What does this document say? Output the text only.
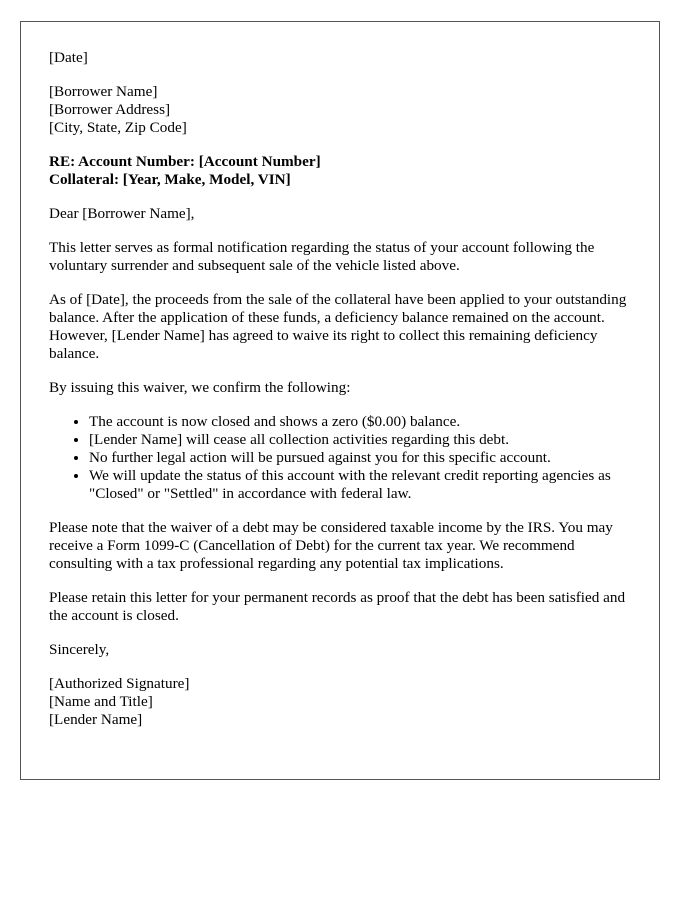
[Date]

[Borrower Name]
[Borrower Address]
[City, State, Zip Code]

RE: Account Number: [Account Number]
Collateral: [Year, Make, Model, VIN]

Dear [Borrower Name],

This letter serves as formal notification regarding the status of your account following the voluntary surrender and subsequent sale of the vehicle listed above.

As of [Date], the proceeds from the sale of the collateral have been applied to your outstanding balance. After the application of these funds, a deficiency balance remained on the account. However, [Lender Name] has agreed to waive its right to collect this remaining deficiency balance.

By issuing this waiver, we confirm the following:

• The account is now closed and shows a zero ($0.00) balance.
• [Lender Name] will cease all collection activities regarding this debt.
• No further legal action will be pursued against you for this specific account.
• We will update the status of this account with the relevant credit reporting agencies as "Closed" or "Settled" in accordance with federal law.

Please note that the waiver of a debt may be considered taxable income by the IRS. You may receive a Form 1099-C (Cancellation of Debt) for the current tax year. We recommend consulting with a tax professional regarding any potential tax implications.

Please retain this letter for your permanent records as proof that the debt has been satisfied and the account is closed.

Sincerely,

[Authorized Signature]
[Name and Title]
[Lender Name]
